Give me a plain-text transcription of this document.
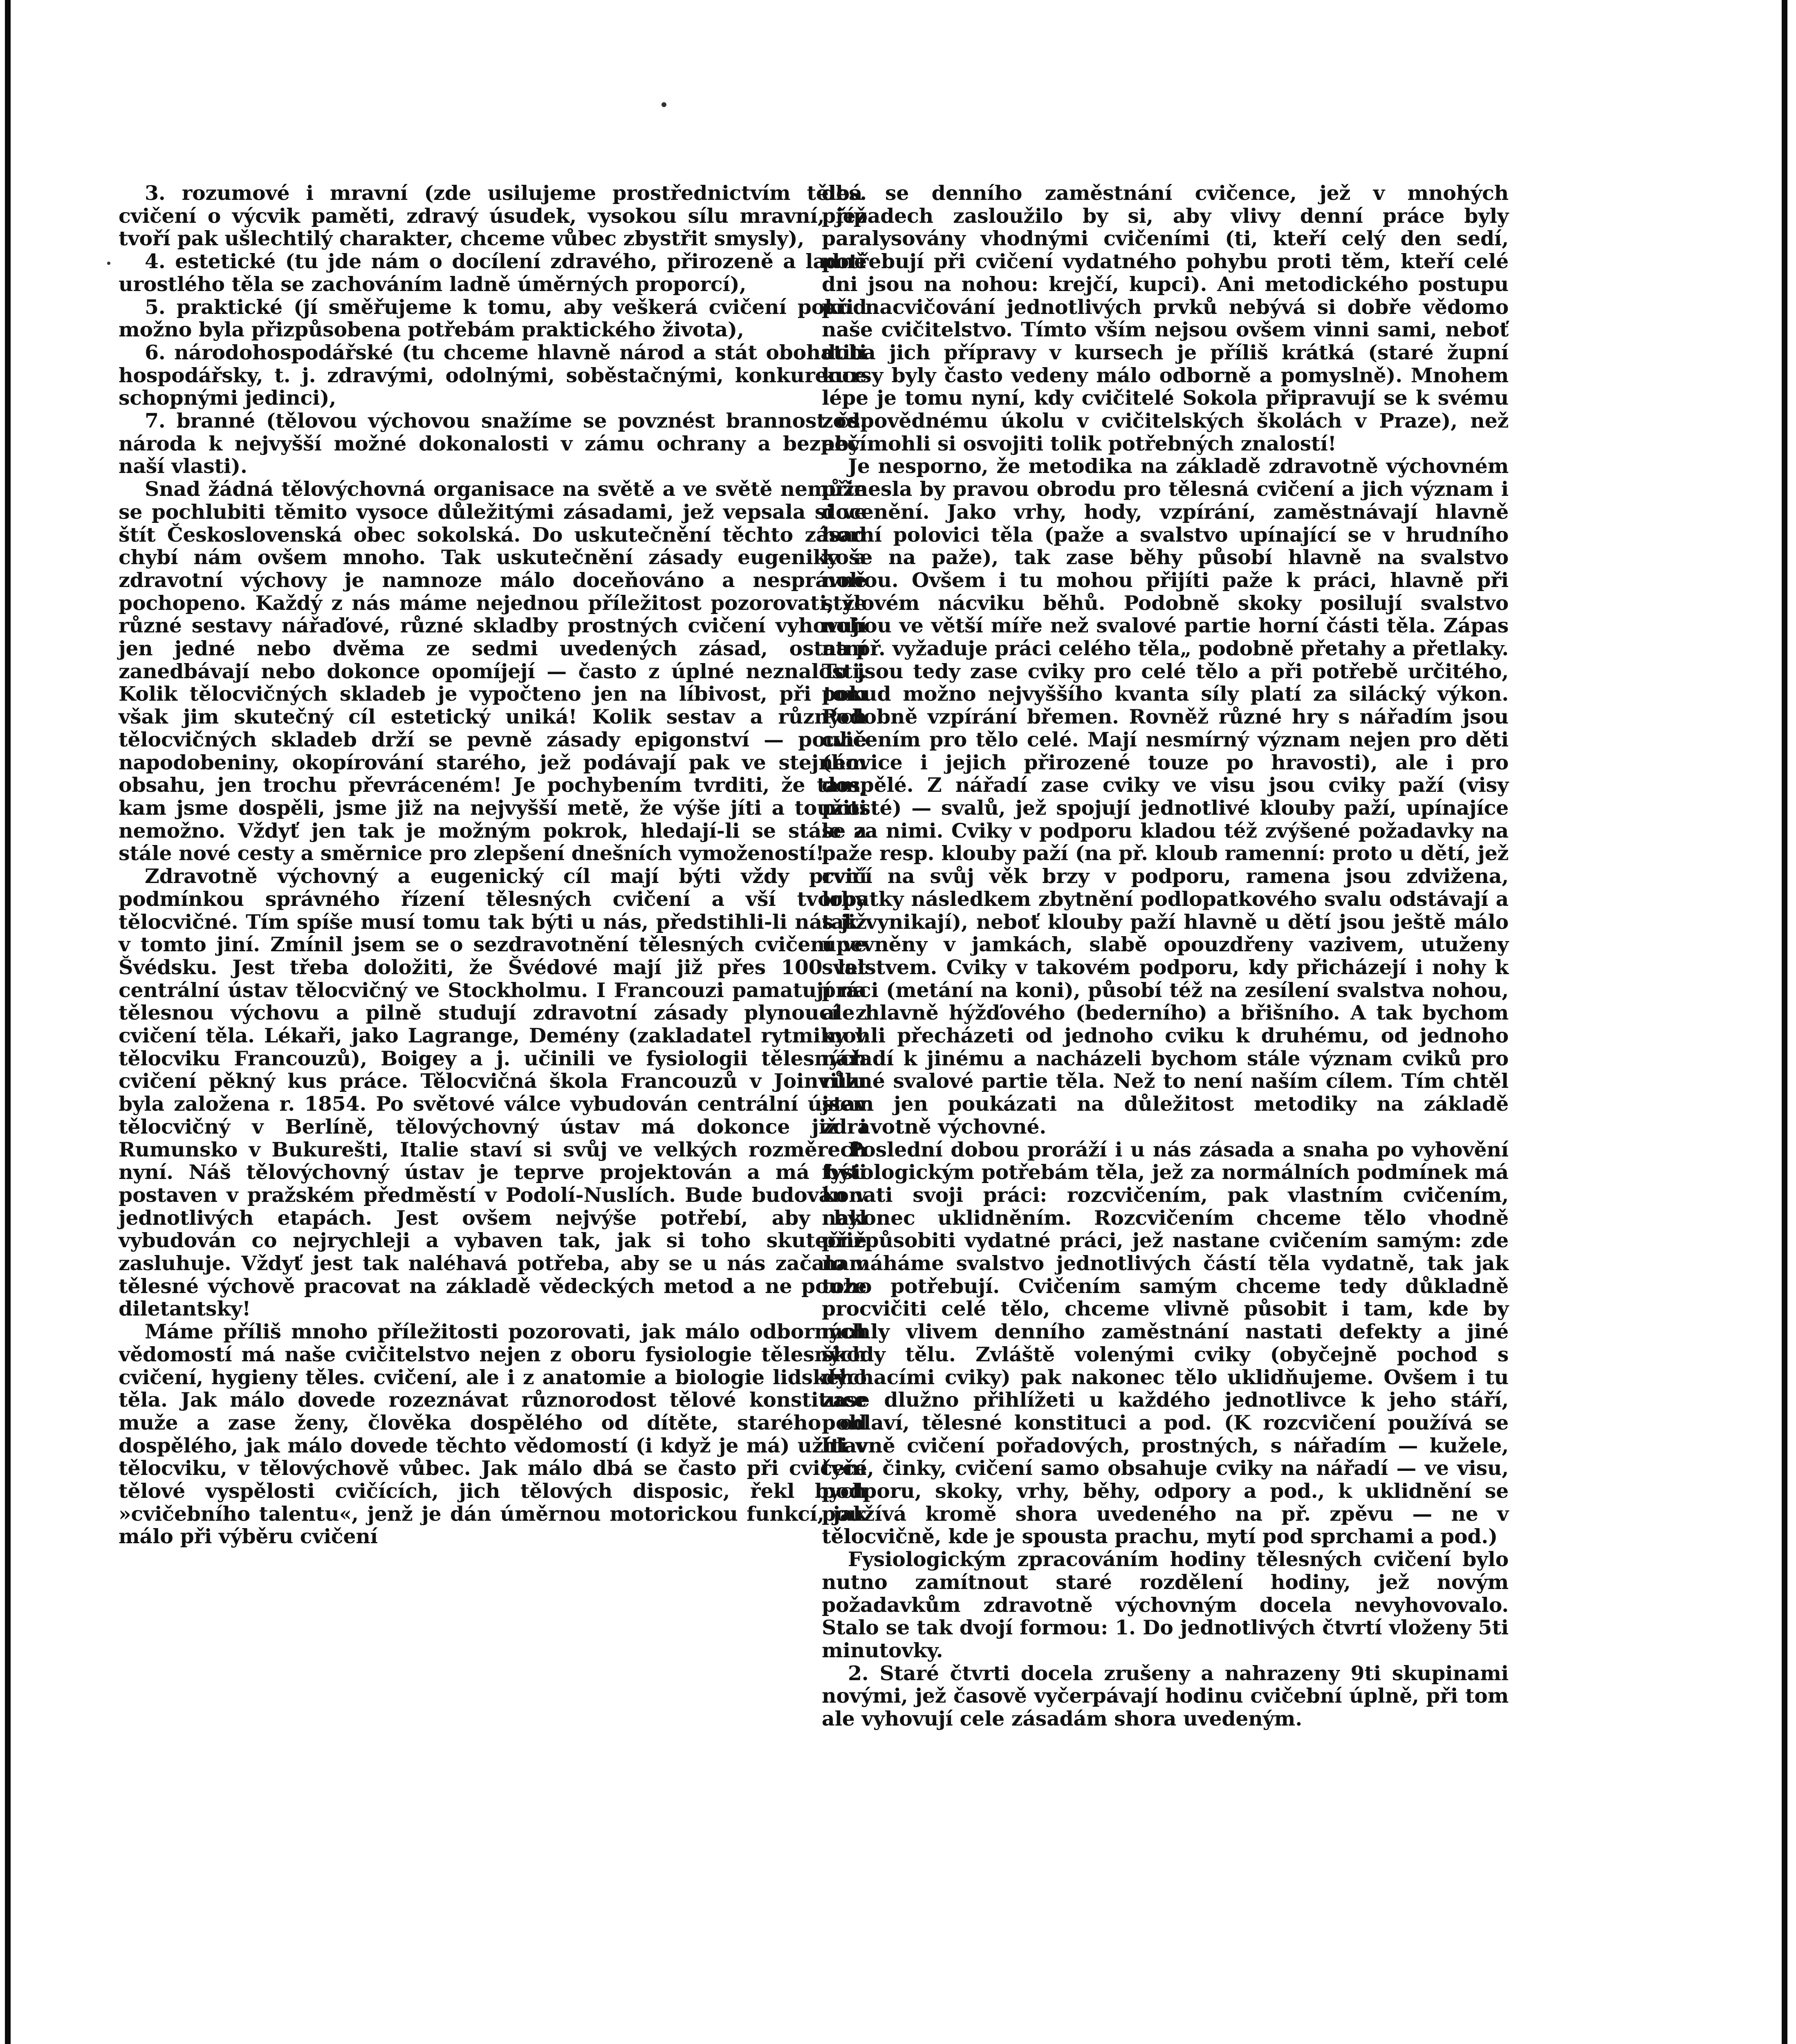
3. rozumové i mravní (zde usilujeme prostřednictvím těles. cvičení o výcvik paměti, zdravý úsudek, vysokou sílu mravní, jež tvoří pak ušlechtilý charakter, chceme vůbec zbystřit smysly),

4. estetické (tu jde nám o docílení zdravého, přirozeně a ladně urostlého těla se zachováním ladně úměrných proporcí),

5. praktické (jí směřujeme k tomu, aby veškerá cvičení pokud možno byla přizpůsobena potřebám praktického života),

6. národohospodářské (tu chceme hlavně národ a stát obohatiti hospodářsky, t. j. zdravými, odolnými, soběstačnými, konkurence schopnými jedinci),

7. branné (tělovou výchovou snažíme se povznést brannost čs. národa k nejvyšší možné dokonalosti v zámu ochrany a bezpečí naší vlasti).

Snad žádná tělovýchovná organisace na světě a ve světě nemůže se pochlubiti těmito vysoce důležitými zásadami, jež vepsala si ve štít Československá obec sokolská. Do uskutečnění těchto zásad chybí nám ovšem mnoho. Tak uskutečnění zásady eugeniky a zdravotní výchovy je namnoze málo doceňováno a nesprávně pochopeno. Každý z nás máme nejednou příležitost pozorovati, že různé sestavy nářaďové, různé skladby prostných cvičení vyhovují jen jedné nebo dvěma ze sedmi uvedených zásad, ostatní zanedbávají nebo dokonce opomíjejí — často z úplné neznalosti. Kolik tělocvičných skladeb je vypočteno jen na líbivost, při tom však jim skutečný cíl estetický uniká! Kolik sestav a různých tělocvičných skladeb drží se pevně zásady epigonství — pouhé napodobeniny, okopírování starého, jež podávají pak ve stejném obsahu, jen trochu převráceném! Je pochybením tvrditi, že tam, kam jsme dospěli, jsme již na nejvyšší metě, že výše jíti a toužiti nemožno. Vždyť jen tak je možným pokrok, hledají-li se stále a stále nové cesty a směrnice pro zlepšení dnešních vymožeností!

Zdravotně výchovný a eugenický cíl mají býti vždy první podmínkou správného řízení tělesných cvičení a vší tvorby tělocvičné. Tím spíše musí tomu tak býti u nás, předstihli-li nás již v tomto jiní. Zmínil jsem se o sezdravotnění tělesných cvičení ve Švédsku. Jest třeba doložiti, že Švédové mají již přes 100 let centrální ústav tělocvičný ve Stockholmu. I Francouzi pamatují na tělesnou výchovu a pilně studují zdravotní zásady plynoucí z cvičení těla. Lékaři, jako Lagrange, Demény (zakladatel rytmiky v tělocviku Francouzů), Boigey a j. učinili ve fysiologii tělesných cvičení pěkný kus práce. Tělocvičná škola Francouzů v Joinvillu byla založena r. 1854. Po světové válce vybudován centrální ústav tělocvičný v Berlíně, tělovýchovný ústav má dokonce již i Rumunsko v Bukurešti, Italie staví si svůj ve velkých rozměrech nyní. Náš tělovýchovný ústav je teprve projektován a má býti postaven v pražském předměstí v Podolí-Nuslích. Bude budován v jednotlivých etapách. Jest ovšem nejvýše potřebí, aby byl vybudován co nejrychleji a vybaven tak, jak si toho skutečně zasluhuje. Vždyť jest tak naléhavá potřeba, aby se u nás začalo v tělesné výchově pracovat na základě vědeckých metod a ne pouze diletantsky!

Máme příliš mnoho příležitosti pozorovati, jak málo odborných vědomostí má naše cvičitelstvo nejen z oboru fysiologie tělesných cvičení, hygieny těles. cvičení, ale i z anatomie a biologie lidského těla. Jak málo dovede rozeznávat různorodost tělové konstituce muže a zase ženy, člověka dospělého od dítěte, starého od dospělého, jak málo dovede těchto vědomostí (i když je má) užíti v tělocviku, v tělovýchově vůbec. Jak málo dbá se často při cvičení tělové vyspělosti cvičících, jich tělových disposic, řekl bych »cvičebního talentu«, jenž je dán úměrnou motorickou funkcí, jak málo při výběru cvičení

dbá se denního zaměstnání cvičence, jež v mnohých případech zasloužilo by si, aby vlivy denní práce byly paralysovány vhodnými cvičeními (ti, kteří celý den sedí, potřebují při cvičení vydatného pohybu proti těm, kteří celé dni jsou na nohou: krejčí, kupci). Ani metodického postupu při nacvičování jednotlivých prvků nebývá si dobře vědomo naše cvičitelstvo. Tímto vším nejsou ovšem vinni sami, neboť doba jich přípravy v kursech je příliš krátká (staré župní kursy byly často vedeny málo odborně a pomyslně). Mnohem lépe je tomu nyní, kdy cvičitelé Sokola připravují se k svému zodpovědnému úkolu v cvičitelských školách v Praze), než aby mohli si osvojiti tolik potřebných znalostí!

Je nesporno, že metodika na základě zdravotně výchovném přinesla by pravou obrodu pro tělesná cvičení a jich význam i docenění. Jako vrhy, hody, vzpírání, zaměstnávají hlavně horní polovici těla (paže a svalstvo upínající se v hrudního koše na paže), tak zase běhy působí hlavně na svalstvo nohou. Ovšem i tu mohou přijíti paže k práci, hlavně při stylovém nácviku běhů. Podobně skoky posilují svalstvo nohou ve větší míře než svalové partie horní části těla. Zápas na př. vyžaduje práci celého těla„ podobně přetahy a přetlaky. To jsou tedy zase cviky pro celé tělo a při potřebě určitého, pokud možno nejvyššího kvanta síly platí za silácký výkon. Podobně vzpírání břemen. Rovněž různé hry s nářadím jsou cvičením pro tělo celé. Mají nesmírný význam nejen pro děti (hovice i jejich přirozené touze po hravosti), ale i pro dospělé. Z nářadí zase cviky ve visu jsou cviky paží (visy prosté) — svalů, jež spojují jednotlivé klouby paží, upínajíce se za nimi. Cviky v podporu kladou též zvýšené požadavky na paže resp. klouby paží (na př. kloub ramenní: proto u dětí, jež cvičí na svůj věk brzy v podporu, ramena jsou zdvižena, lopatky následkem zbytnění podlopatkového svalu odstávají a tak vynikají), neboť klouby paží hlavně u dětí jsou ještě málo upevněny v jamkách, slabě opouzdřeny vazivem, utuženy svalstvem. Cviky v takovém podporu, kdy přicházejí i nohy k práci (metání na koni), působí též na zesílení svalstva nohou, ale hlavně hýžďového (bederního) a břišního. A tak bychom mohli přecházeti od jednoho cviku k druhému, od jednoho nářadí k jinému a nacházeli bychom stále význam cviků pro různé svalové partie těla. Než to není naším cílem. Tím chtěl jsem jen poukázati na důležitost metodiky na základě zdravotně výchovné.

Poslední dobou proráží i u nás zásada a snaha po vyhovění fysiologickým potřebám těla, jež za normálních podmínek má konati svoji práci: rozcvičením, pak vlastním cvičením, nakonec uklidněním. Rozcvičením chceme tělo vhodně přizpůsobiti vydatné práci, jež nastane cvičením samým: zde namáháme svalstvo jednotlivých částí těla vydatně, tak jak toho potřebují. Cvičením samým chceme tedy důkladně procvičiti celé tělo, chceme vlivně působit i tam, kde by mohly vlivem denního zaměstnání nastati defekty a jiné škody tělu. Zvláště volenými cviky (obyčejně pochod s dýchacími cviky) pak nakonec tělo uklidňujeme. Ovšem i tu zase dlužno přihlížeti u každého jednotlivce k jeho stáří, pohlaví, tělesné konstituci a pod. (K rozcvičení používá se hlavně cvičení pořadových, prostných, s nářadím — kužele, tyče, činky, cvičení samo obsahuje cviky na nářadí — ve visu, podporu, skoky, vrhy, běhy, odpory a pod., k uklidnění se používá kromě shora uvedeného na př. zpěvu — ne v tělocvičně, kde je spousta prachu, mytí pod sprchami a pod.)

Fysiologickým zpracováním hodiny tělesných cvičení bylo nutno zamítnout staré rozdělení hodiny, jež novým požadavkům zdravotně výchovným docela nevyhovovalo. Stalo se tak dvojí formou: 1. Do jednotlivých čtvrtí vloženy 5ti minutovky.

2. Staré čtvrti docela zrušeny a nahrazeny 9ti skupinami novými, jež časově vyčerpávají hodinu cvičební úplně, při tom ale vyhovují cele zásadám shora uvedeným.
